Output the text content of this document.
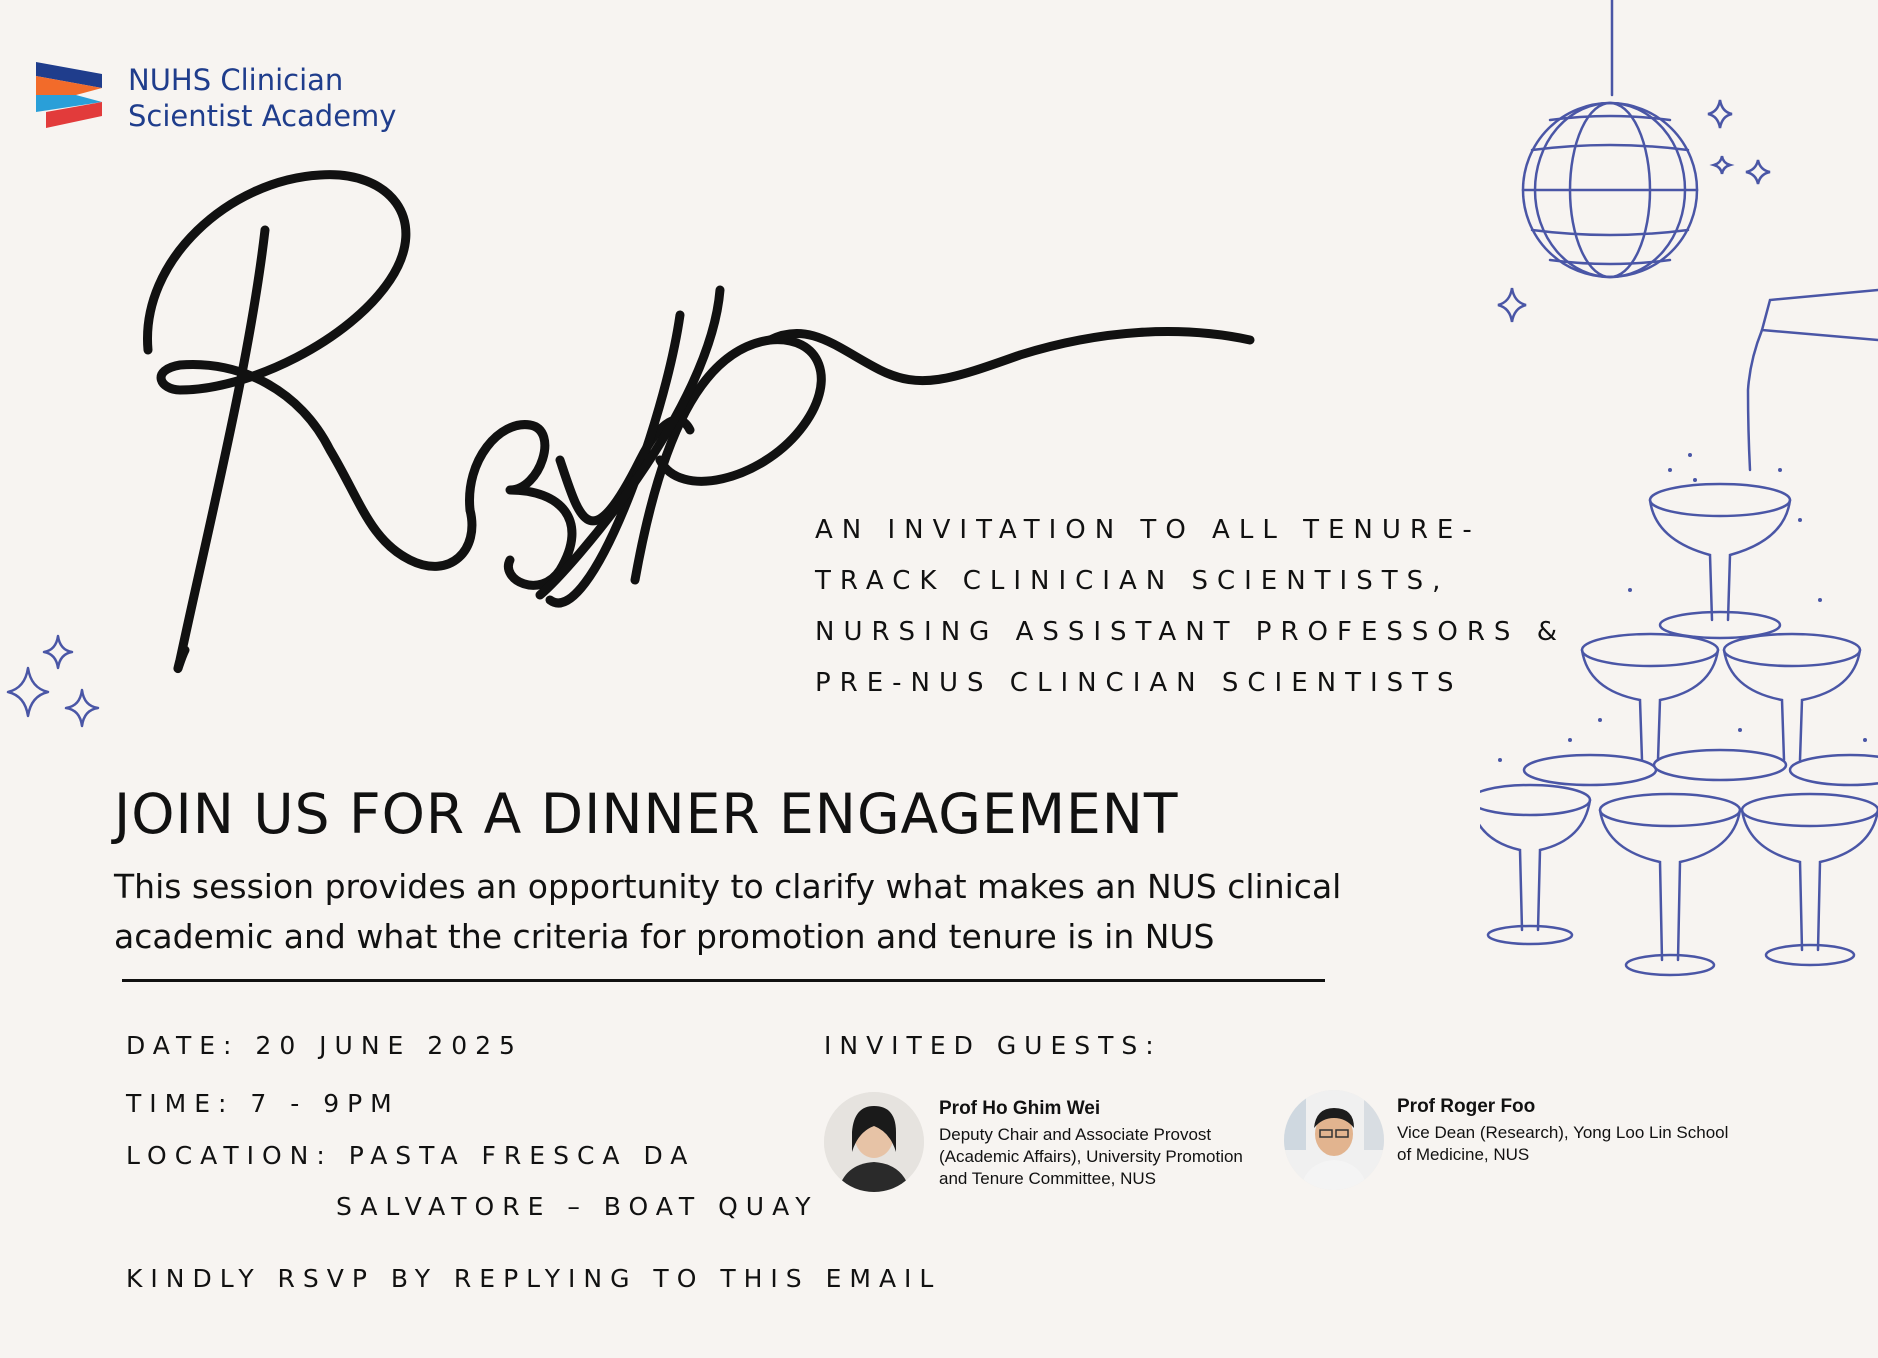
NUHS Clinician
Scientist Academy
AN INVITATION TO ALL TENURE-
TRACK CLINICIAN SCIENTISTS,
NURSING ASSISTANT PROFESSORS &
PRE-NUS CLINCIAN SCIENTISTS
JOIN US FOR A DINNER ENGAGEMENT
This session provides an opportunity to clarify what makes an NUS clinical
academic and what the criteria for promotion and tenure is in NUS
DATE: 20 JUNE 2025
TIME: 7 - 9PM
LOCATION: PASTA FRESCA DA
SALVATORE – BOAT QUAY
KINDLY RSVP BY REPLYING TO THIS EMAIL
INVITED GUESTS:
Prof Ho Ghim Wei
Deputy Chair and Associate Provost (Academic Affairs), University Promotion and Tenure Committee, NUS
Prof Roger Foo
Vice Dean (Research), Yong Loo Lin School of Medicine, NUS
